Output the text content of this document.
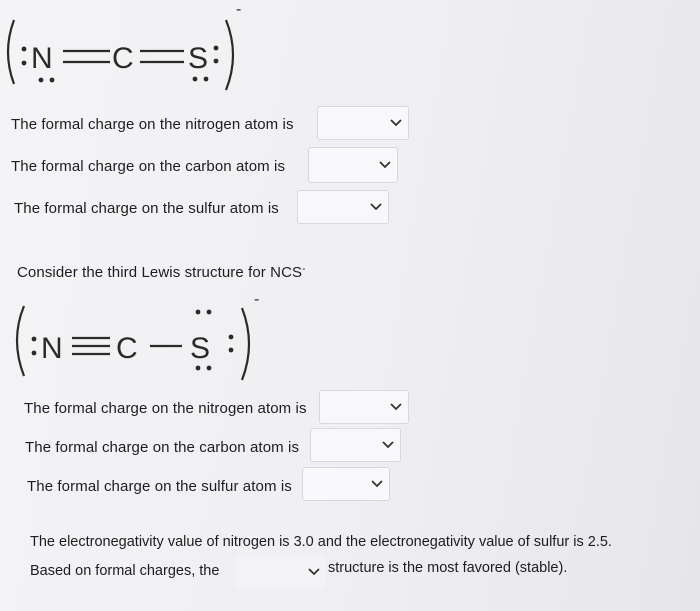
N C S
-
The formal charge on the nitrogen atom is
The formal charge on the carbon atom is
The formal charge on the sulfur atom is
Consider the third Lewis structure for NCS-
N C S
-
The formal charge on the nitrogen atom is
The formal charge on the carbon atom is
The formal charge on the sulfur atom is
The electronegativity value of nitrogen is 3.0 and the electronegativity value of sulfur is 2.5.
Based on formal charges, the	structure is the most favored (stable).
